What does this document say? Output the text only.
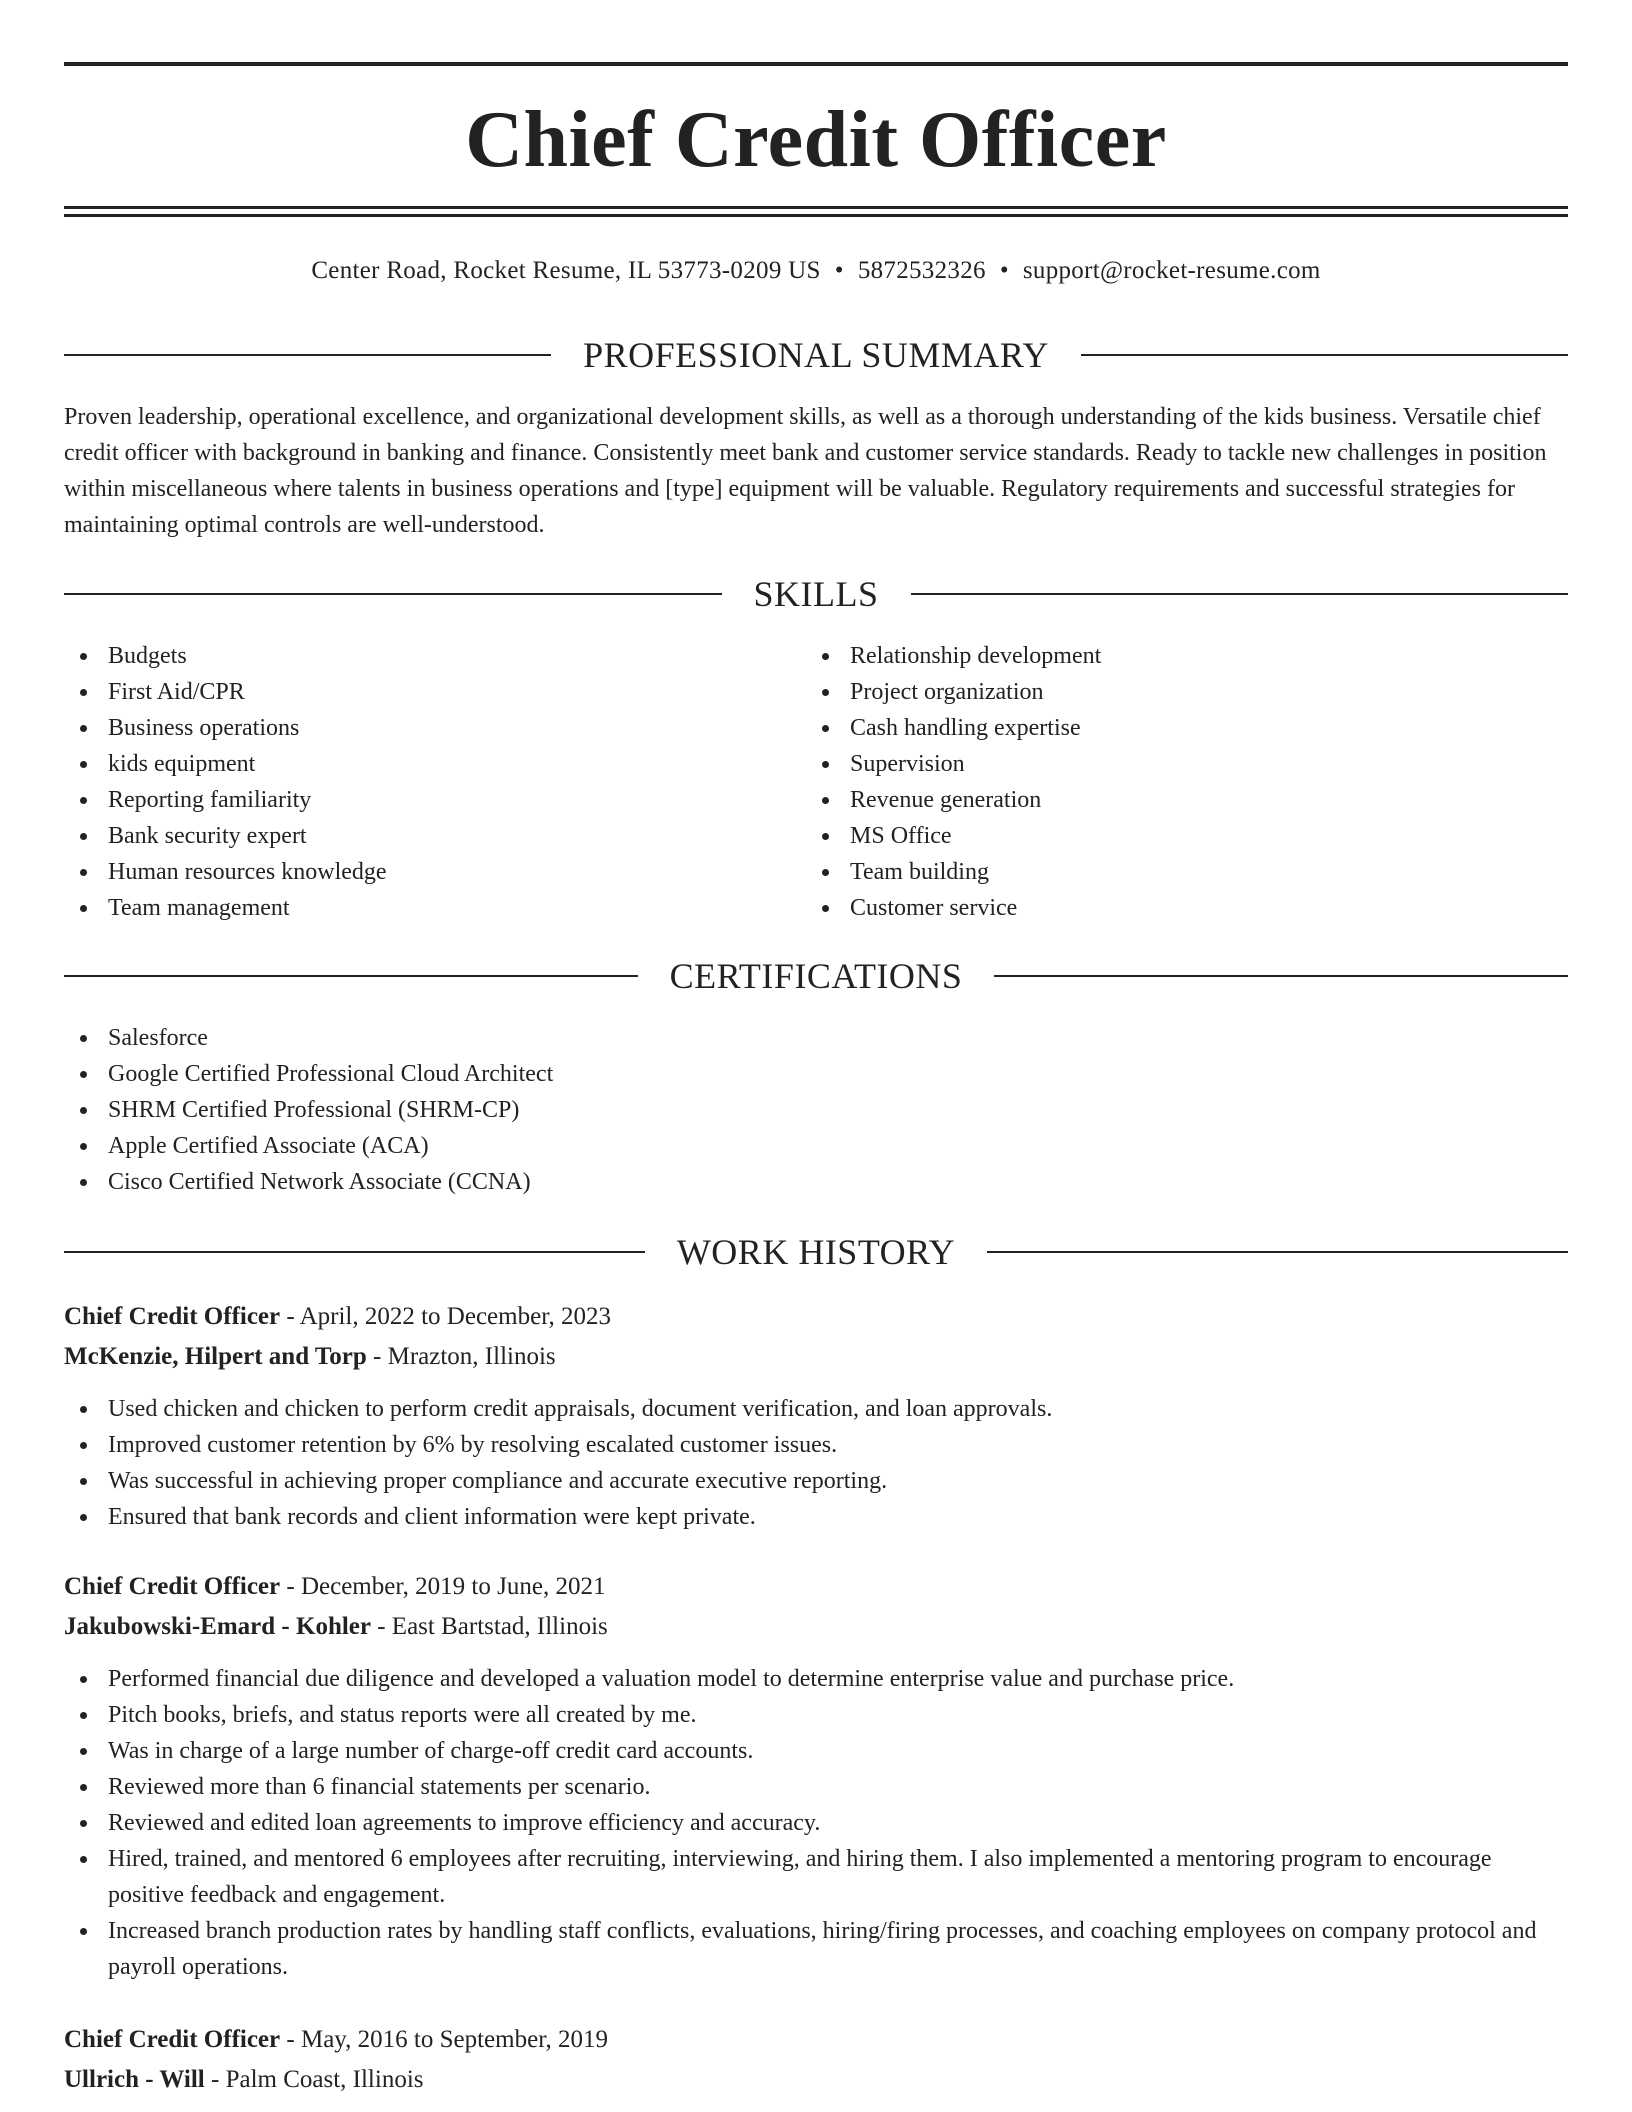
Chief Credit Officer
Center Road, Rocket Resume, IL 53773-0209 US • 5872532326 • support@rocket-resume.com
PROFESSIONAL SUMMARY

Proven leadership, operational excellence, and organizational development skills, as well as a thorough understanding of the kids business. Versatile chief credit officer with background in banking and finance. Consistently meet bank and customer service standards. Ready to tackle new challenges in position within miscellaneous where talents in business operations and [type] equipment will be valuable. Regulatory requirements and successful strategies for maintaining optimal controls are well-understood.

SKILLS
Budgets
First Aid/CPR
Business operations
kids equipment
Reporting familiarity
Bank security expert
Human resources knowledge
Team management
Relationship development
Project organization
Cash handling expertise
Supervision
Revenue generation
MS Office
Team building
Customer service
CERTIFICATIONS
Salesforce
Google Certified Professional Cloud Architect
SHRM Certified Professional (SHRM-CP)
Apple Certified Associate (ACA)
Cisco Certified Network Associate (CCNA)
WORK HISTORY
Chief Credit Officer - April, 2022 to December, 2023
McKenzie, Hilpert and Torp - Mrazton, Illinois
Used chicken and chicken to perform credit appraisals, document verification, and loan approvals.
Improved customer retention by 6% by resolving escalated customer issues.
Was successful in achieving proper compliance and accurate executive reporting.
Ensured that bank records and client information were kept private.
Chief Credit Officer - December, 2019 to June, 2021
Jakubowski-Emard - Kohler - East Bartstad, Illinois
Performed financial due diligence and developed a valuation model to determine enterprise value and purchase price.
Pitch books, briefs, and status reports were all created by me.
Was in charge of a large number of charge-off credit card accounts.
Reviewed more than 6 financial statements per scenario.
Reviewed and edited loan agreements to improve efficiency and accuracy.
Hired, trained, and mentored 6 employees after recruiting, interviewing, and hiring them. I also implemented a mentoring program to encourage positive feedback and engagement.
Increased branch production rates by handling staff conflicts, evaluations, hiring/firing processes, and coaching employees on company protocol and payroll operations.
Chief Credit Officer - May, 2016 to September, 2019
Ullrich - Will - Palm Coast, Illinois
